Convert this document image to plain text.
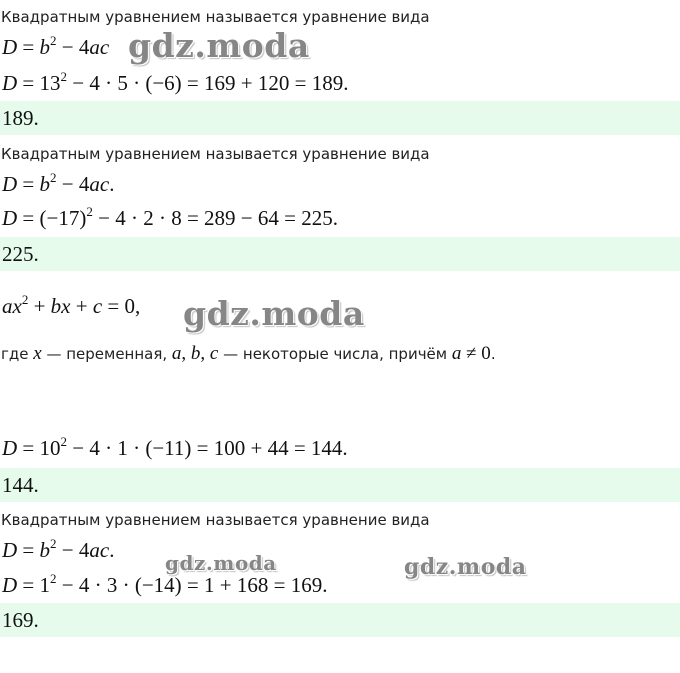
Квадратным уравнением называется уравнение вида
$D = b^2 - 4ac$
$D = 13^2 - 4 \cdot 5 \cdot (-6) = 169 + 120 = 189$.
189.
Квадратным уравнением называется уравнение вида
$D = b^2 - 4ac$.
$D = (-17)^2 - 4 \cdot 2 \cdot 8 = 289 - 64 = 225$.
225.
$ax^2$ + bx + c = 0,
где x — переменная, a, b, c — некоторые числа, причём a ≠ 0.
$D = 10^2 - 4 \cdot 1 \cdot (-11) = 100 + 44 = 144$.
144.
Квадратным уравнением называется уравнение вида
$D = b^2 - 4ac$.
$D = 1^2 - 4 \cdot 3 \cdot (-14) = 1 + 168 = 169$.
169.
gdz.moda
gdz.moda
gdz.moda	gdz.moda
